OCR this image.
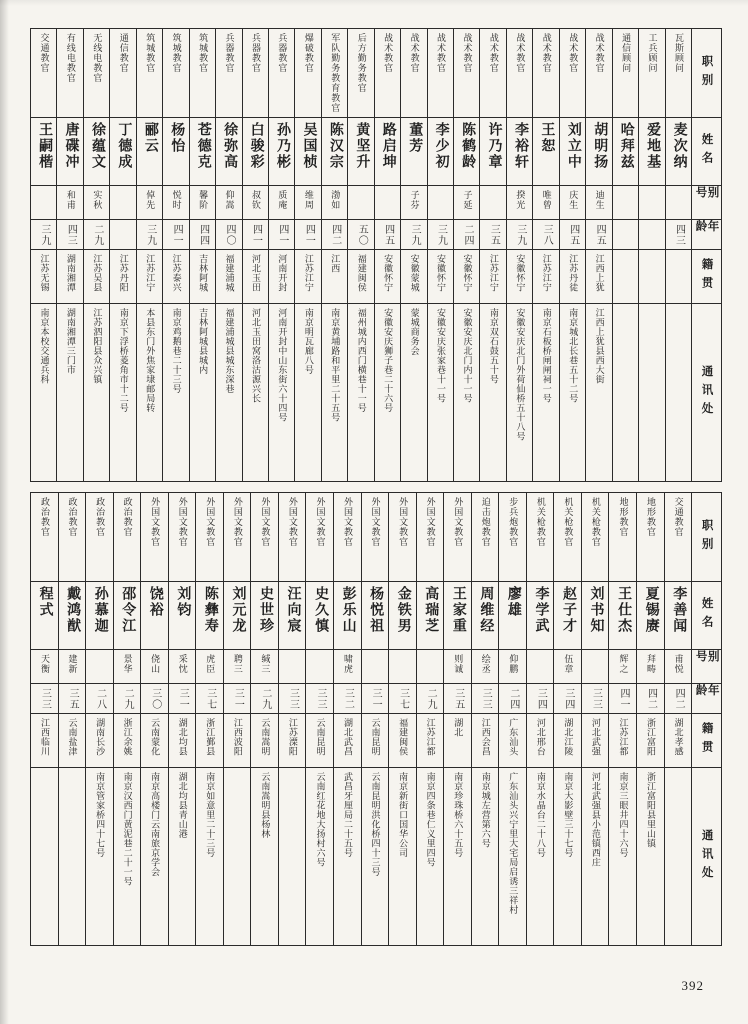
交通教官
王嗣楷
三九
江苏无锡
南京本校交通兵科
有线电教官
唐碟冲
和甫
四三
湖南湘潭
湖南湘潭三门市
无线电教官
徐蕴文
实秋
二九
江苏吴县
江苏泗阳县众兴镇
通信教官
丁德成
江苏丹阳
南京下浮桥菱角市十二号
筑城教官
郦云
倬先
三九
江苏江宁
本县东门外焦家埭邮局转
筑城教官
杨怡
悦时
四一
江苏泰兴
南京鸡鹅巷二十三号
筑城教官
苍德克
馨阶
四四
吉林阿城
吉林阿城县城内
兵器教官
徐弥高
仰嵩
四〇
福建浦城
福建浦城县城东深巷
兵器教官
白骏彩
叔钦
四一
河北玉田
河北玉田窝洛沽源兴长
兵器教官
孙乃彬
质庵
四一
河南开封
河南开封中山东街六十四号
爆破教官
吴国桢
维周
四一
江苏江宁
南京明瓦廊八号
军队勤务教育教官
陈汉宗
渤如
四二
江西
南京黄埔路和平里二十五号
后方勤务教官
黄坚升
五〇
福建闽侯
福州城内西门横巷十一号
战术教官
路启坤
四五
安徽怀宁
安徽安庆狮子巷二十六号
战术教官
董芳
子芬
三九
安徽蒙城
蒙城商务会
战术教官
李少初
三九
安徽怀宁
安徽安庆张家巷十一号
战术教官
陈鹤龄
子延
二四
安徽怀宁
安徽安庆北门内十一号
战术教官
许乃章
三五
江苏江宁
南京双石鼓五十号
战术教官
李裕轩
揆光
三九
安徽怀宁
安徽安庆北门外荷仙桥五十八号
战术教官
王恕
唯曾
三八
江苏江宁
南京石板桥闸闸祠一号
战术教官
刘立中
庆生
四五
江苏丹徒
南京城北长巷五十二号
战术教官
胡明扬
迪生
四五
江西上犹
江西上犹县西大街
通信顾问
哈拜兹
工兵顾问
爱地基
瓦斯顾问
麦次纳
四三
职别
姓名
别号
年龄
籍贯
通讯处
政治教官
程式
天衡
三三
江西临川
政治教官
戴鸿猷
建新
三五
云南盐津
政治教官
孙慕迦
二八
湖南长沙
南京管家桥四十七号
政治教官
邵令江
景华
二九
浙江余姚
南京汉西门黄泥巷二十一号
外国文教官
饶裕
侥山
三〇
云南蒙化
南京高楼门云南旅京学会
外国文教官
刘钧
采忱
三一
湖北均县
湖北均县青山港
外国文教官
陈彝寿
虎臣
三七
浙江鄞县
南京如意里二十三号
外国文教官
刘元龙
聘三
三一
江西波阳
外国文教官
史世珍
缄三
二九
云南嵩明
云南嵩明县杨林
外国文教官
汪向宸
三三
江苏溧阳
外国文教官
史久慎
三三
云南昆明
云南红花地大扬村六号
外国文教官
彭乐山
啸虎
三二
湖北武昌
武昌牙厘局二十五号
外国文教官
杨悦祖
三一
云南昆明
云南昆明洪化桥四十三号
外国文教官
金铁男
三七
福建闽侯
南京新街口国华公司
外国文教官
高瑞芝
二九
江苏江都
南京四条巷仁义里四号
外国文教官
王家重
则诚
三五
湖北
南京珍珠桥六十五号
迫击炮教官
周维经
绘丞
三三
江西会昌
南京城左营第六号
步兵炮教官
廖雄
仰鹏
二四
广东汕头
广东汕头兴宁里大宅局启诱三祥村
机关枪教官
李学武
三四
河北邢台
南京水晶台二十八号
机关枪教官
赵子才
伍章
三四
湖北江陵
南京大影壁三十七号
机关枪教官
刘书知
三三
河北武强
河北武强县小范镇西庄
地形教官
王仕杰
辉之
四一
江苏江都
南京三眼井四十六号
地形教官
夏锡赓
拜畴
四二
浙江富阳
浙江富阳县里山镇
交通教官
李善闻
甫悦
四二
湖北孝感
职别
姓名
别号
年龄
籍贯
通讯处
392
